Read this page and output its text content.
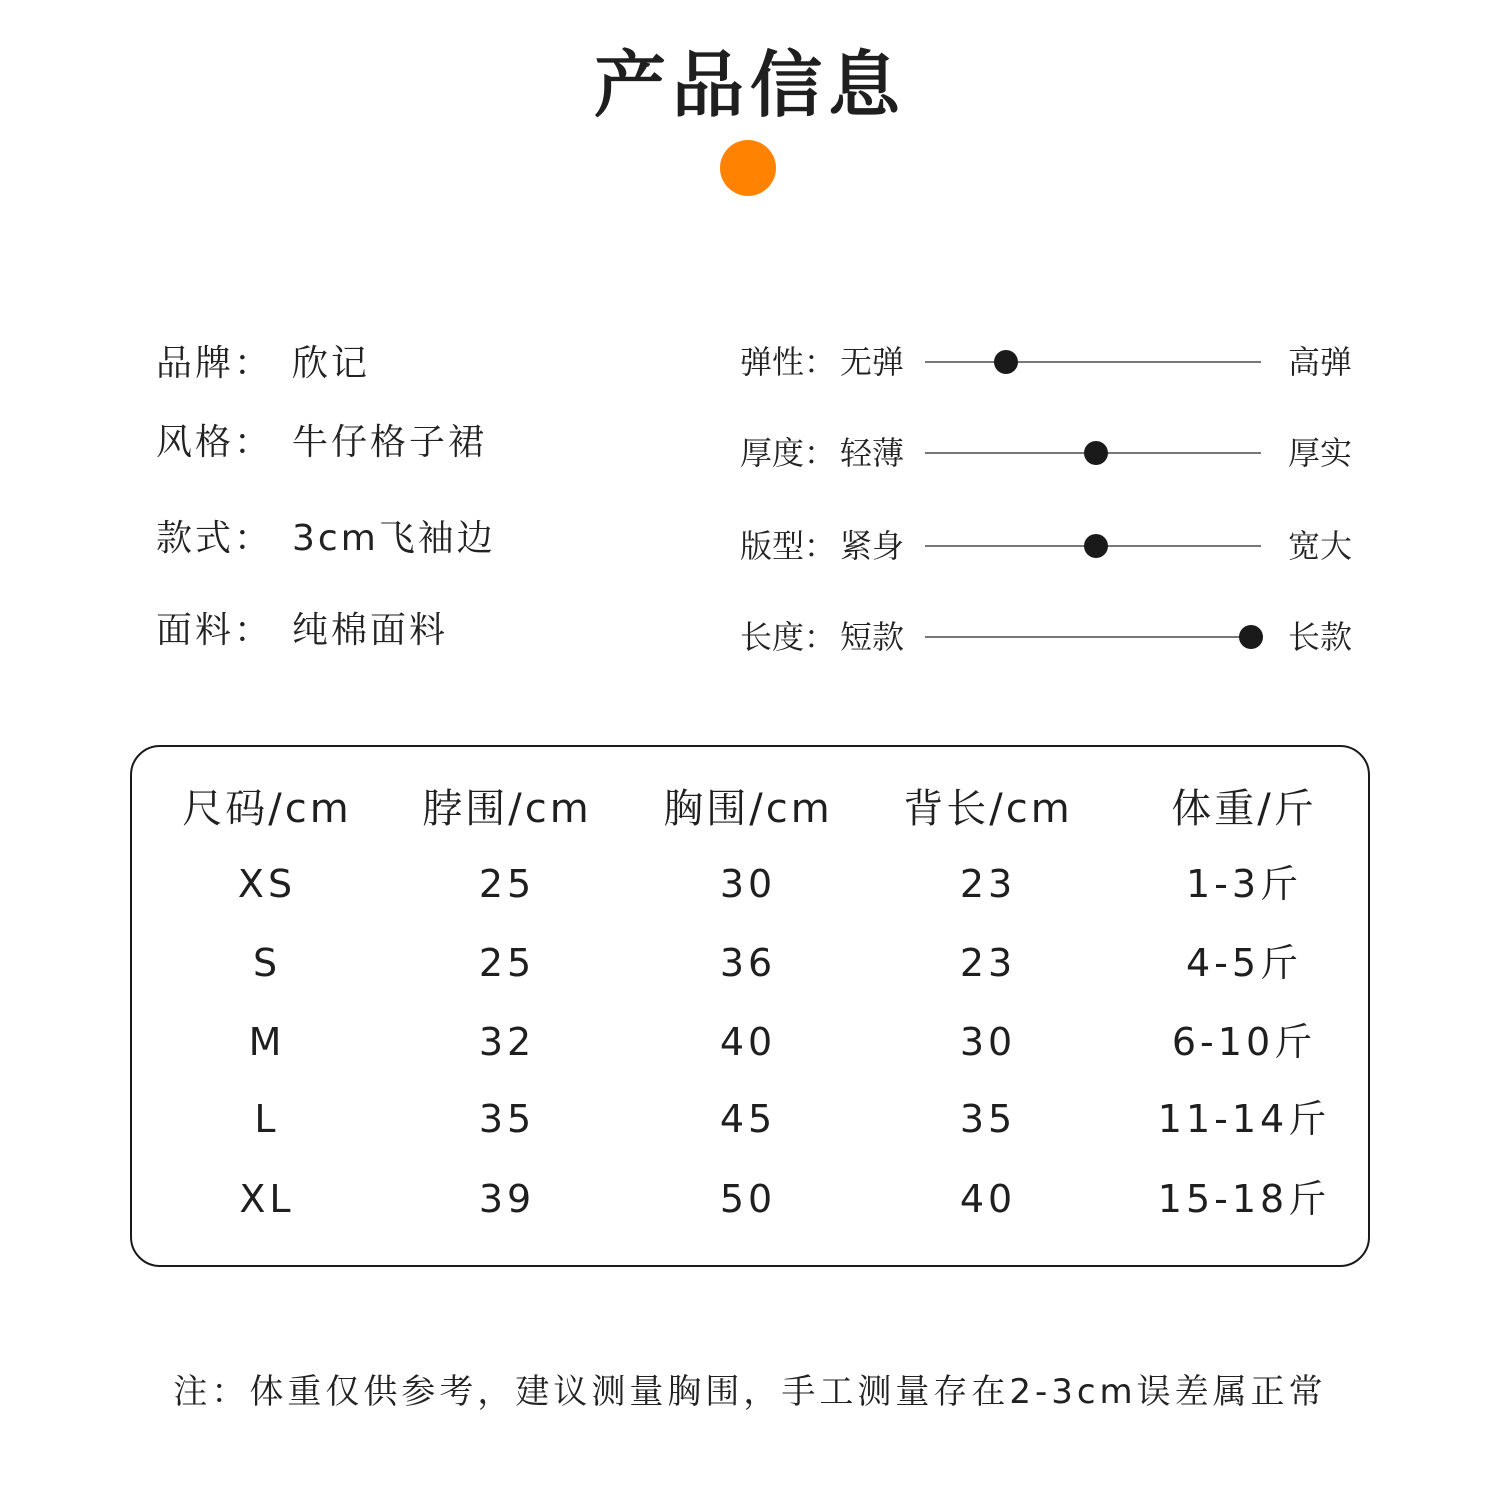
产品信息
品牌： 欣记
风格： 牛仔格子裙
款式： 3cm飞袖边
面料： 纯棉面料
弹性： 无弹	高弹
厚度： 轻薄	厚实
版型： 紧身	宽大
长度： 短款	长款
尺码/cm	脖围/cm	胸围/cm	背长/cm	体重/斤
XS	25	30	23	1-3斤
S	25	36	23	4-5斤
M	32	40	30	6-10斤
L	35	45	35	11-14斤
XL	39	50	40	15-18斤
注：体重仅供参考，建议测量胸围，手工测量存在2-3cm误差属正常
